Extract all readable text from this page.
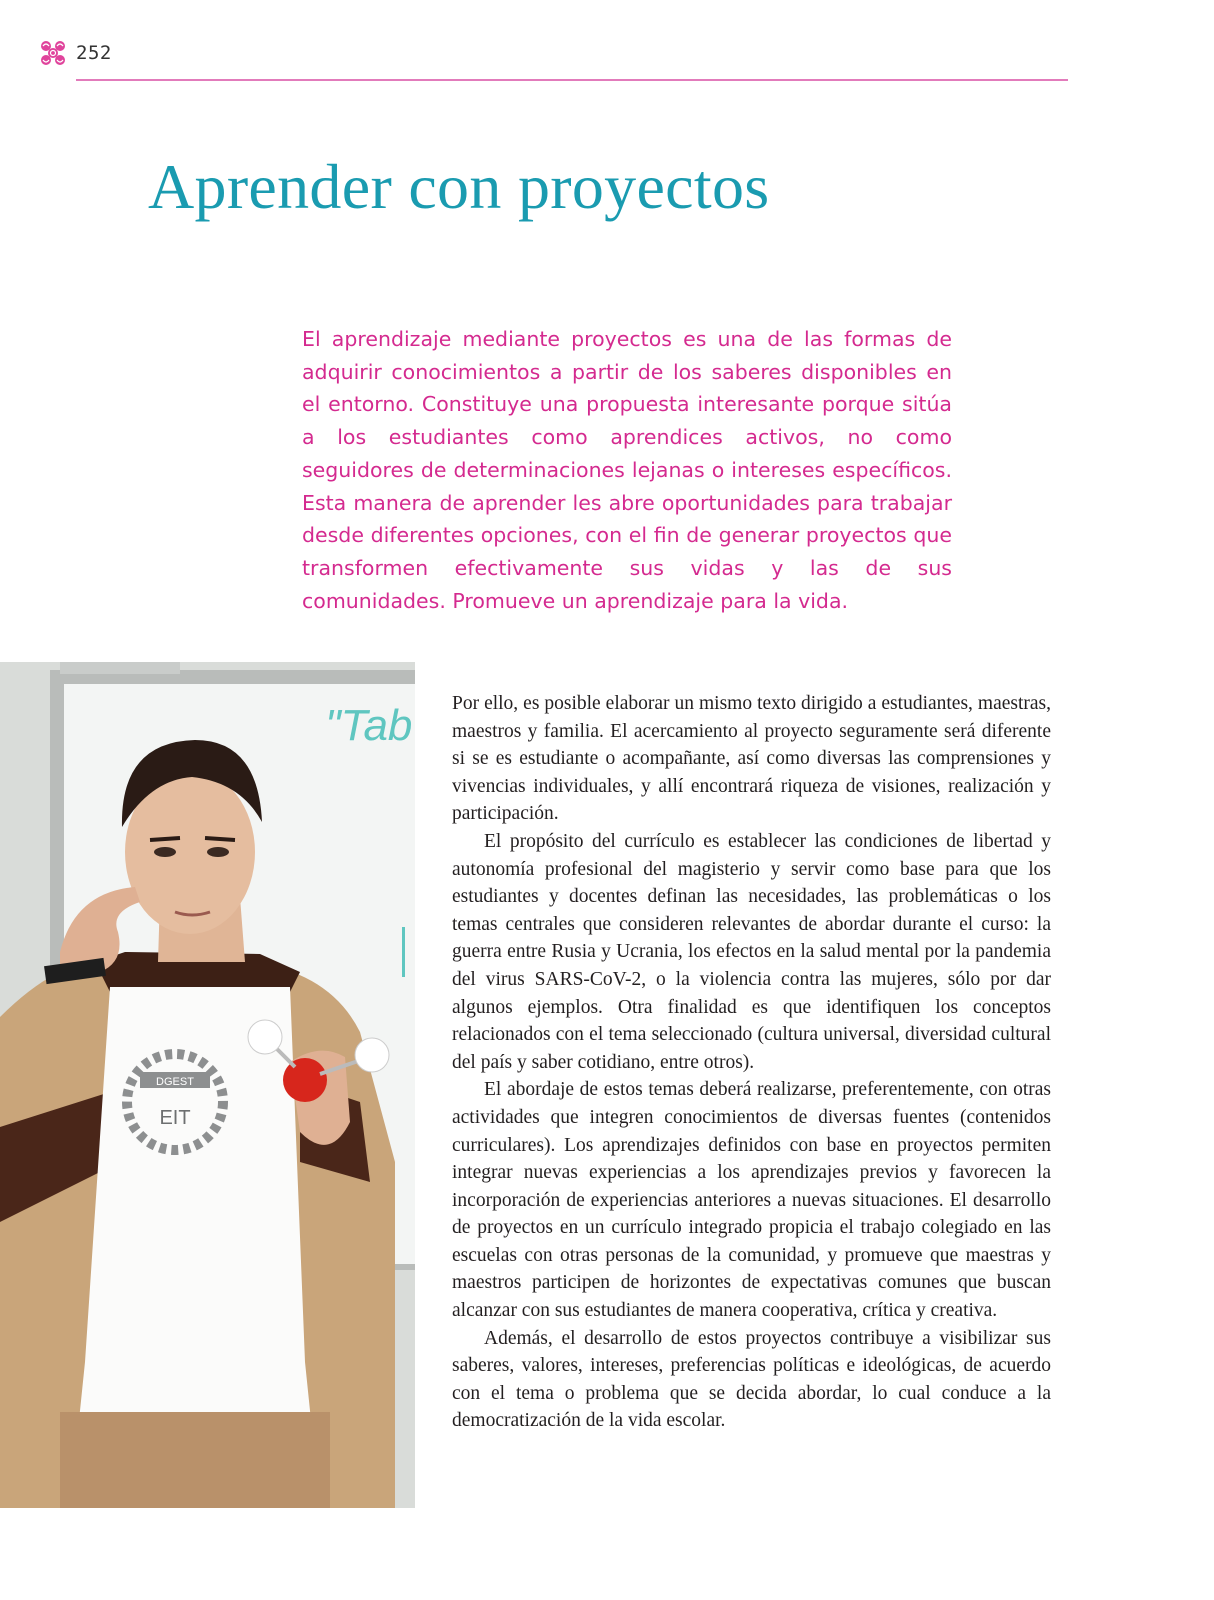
252
Aprender con proyectos

El aprendizaje mediante proyectos es una de las formas de adquirir conocimientos a partir de los saberes disponibles en el entorno. Constituye una propuesta interesante porque sitúa a los estudiantes como aprendices activos, no como seguidores de determinaciones lejanas o intereses específicos. Esta manera de aprender les abre oportunidades para trabajar desde diferentes opciones, con el fin de generar proyectos que transformen efectivamente sus vidas y las de sus comunidades. Promueve un aprendizaje para la vida.

"Tab
DGEST
EIT

Por ello, es posible elaborar un mismo texto dirigido a estudiantes, maestras, maestros y familia. El acercamiento al proyecto seguramente será diferente si se es estudiante o acompañante, así como diversas las comprensiones y vivencias individuales, y allí encontrará riqueza de visiones, realización y participación.

El propósito del currículo es establecer las condiciones de libertad y autonomía profesional del magisterio y servir como base para que los estudiantes y docentes definan las necesidades, las problemáticas o los temas centrales que consideren relevantes de abordar durante el curso: la guerra entre Rusia y Ucrania, los efectos en la salud mental por la pandemia del virus SARS-CoV-2, o la violencia contra las mujeres, sólo por dar algunos ejemplos. Otra finalidad es que identifiquen los conceptos relacionados con el tema seleccionado (cultura universal, diversidad cultural del país y saber cotidiano, entre otros).

El abordaje de estos temas deberá realizarse, preferentemente, con otras actividades que integren conocimientos de diversas fuentes (contenidos curriculares). Los aprendizajes definidos con base en proyectos permiten integrar nuevas experiencias a los aprendizajes previos y favorecen la incorporación de experiencias anteriores a nuevas situaciones. El desarrollo de proyectos en un currículo integrado propicia el trabajo colegiado en las escuelas con otras personas de la comunidad, y promueve que maestras y maestros participen de horizontes de expectativas comunes que buscan alcanzar con sus estudiantes de manera cooperativa, crítica y creativa.

Además, el desarrollo de estos proyectos contribuye a visibilizar sus saberes, valores, intereses, preferencias políticas e ideológicas, de acuerdo con el tema o problema que se decida abordar, lo cual conduce a la democratización de la vida escolar.
